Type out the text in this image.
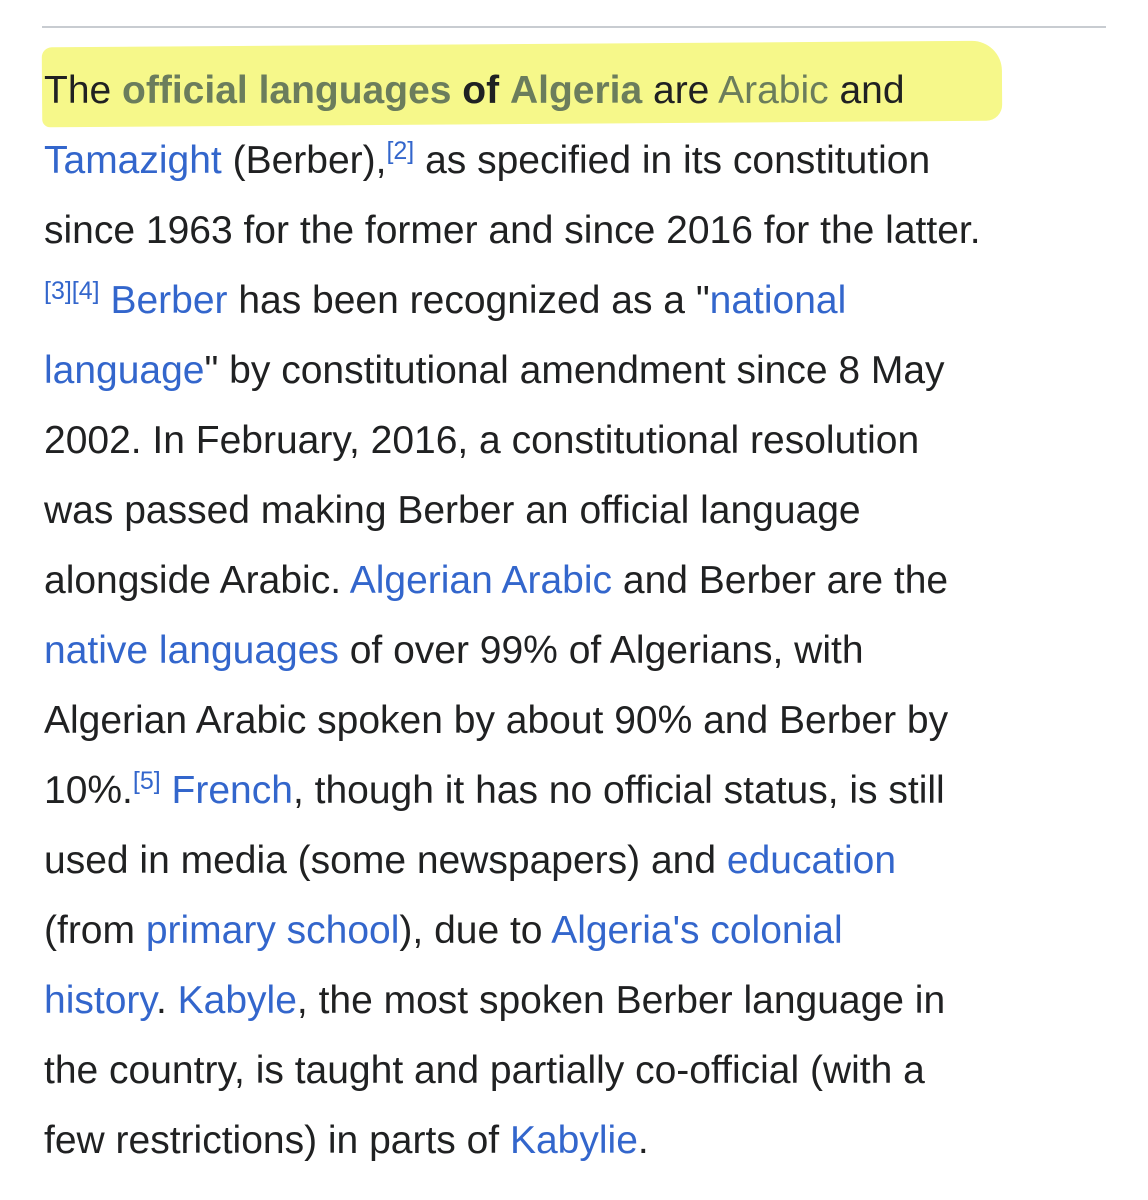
The official languages of Algeria are Arabic and
Tamazight (Berber),[2] as specified in its constitution
since 1963 for the former and since 2016 for the latter.
[3][4] Berber has been recognized as a "national
language" by constitutional amendment since 8 May
2002. In February, 2016, a constitutional resolution
was passed making Berber an official language
alongside Arabic. Algerian Arabic and Berber are the
native languages of over 99% of Algerians, with
Algerian Arabic spoken by about 90% and Berber by
10%.[5] French, though it has no official status, is still
used in media (some newspapers) and education
(from primary school), due to Algeria's colonial
history. Kabyle, the most spoken Berber language in
the country, is taught and partially co-official (with a
few restrictions) in parts of Kabylie.
